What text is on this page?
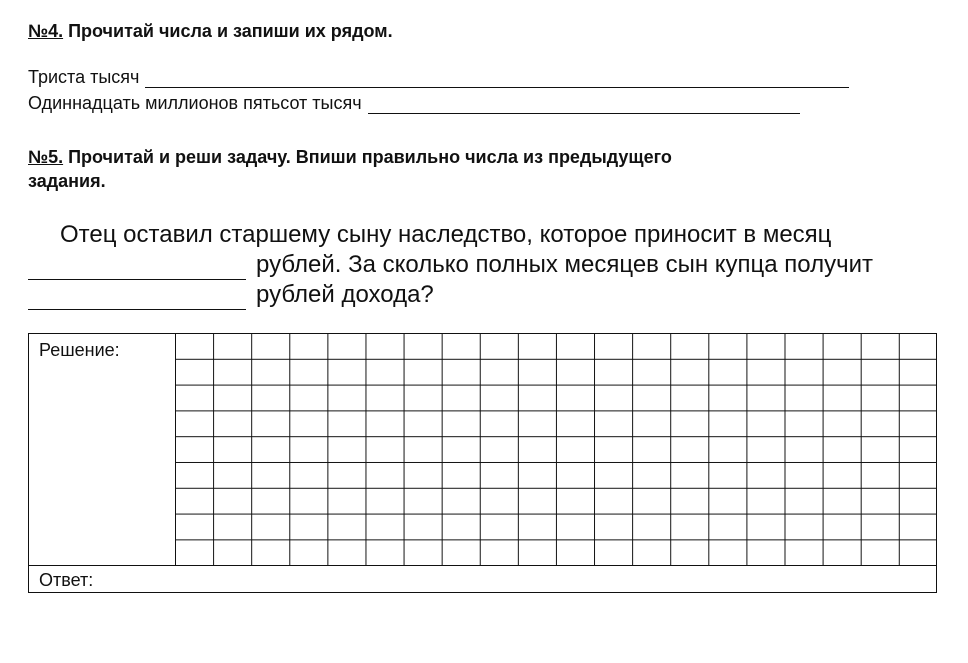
№4. Прочитай числа и запиши их рядом.
Триста тысяч
Одиннадцать миллионов пятьсот тысяч
№5. Прочитай и реши задачу. Впиши правильно числа из предыдущего
задания.
Отец оставил старшему сыну наследство, которое приносит в месяц
рублей. За сколько полных месяцев сын купца получит
рублей дохода?
Решение:
Ответ:
